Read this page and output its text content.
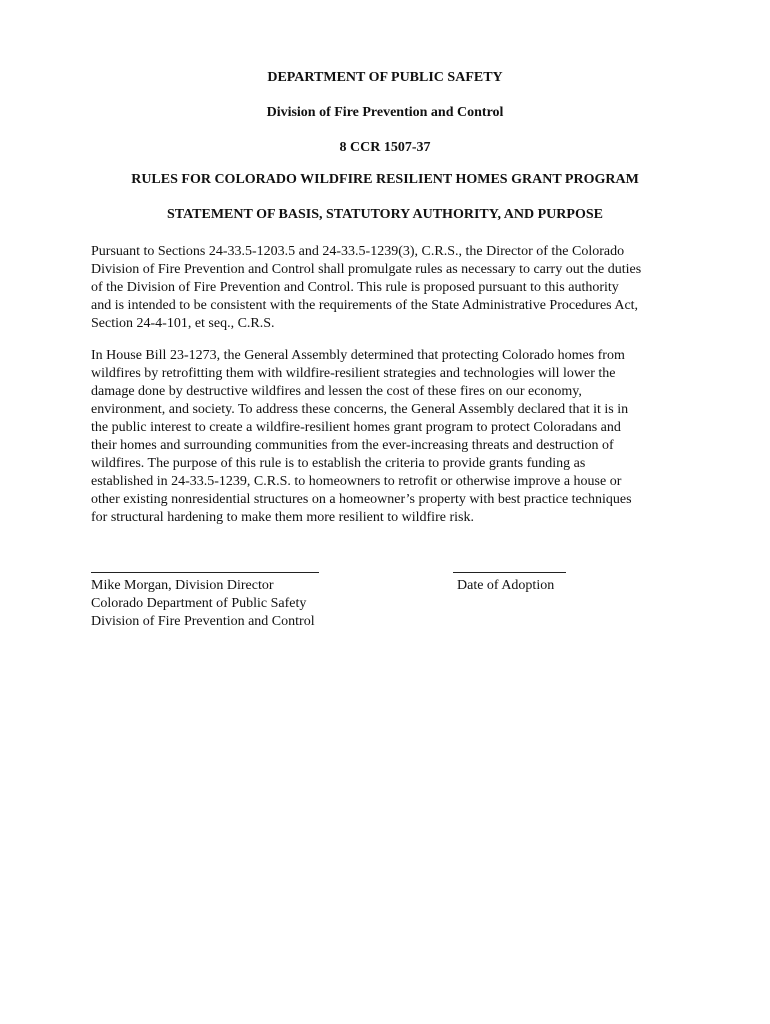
DEPARTMENT OF PUBLIC SAFETY
Division of Fire Prevention and Control
8 CCR 1507-37
RULES FOR COLORADO WILDFIRE RESILIENT HOMES GRANT PROGRAM
STATEMENT OF BASIS, STATUTORY AUTHORITY, AND PURPOSE
Pursuant to Sections 24-33.5-1203.5 and 24-33.5-1239(3), C.R.S., the Director of the Colorado
Division of Fire Prevention and Control shall promulgate rules as necessary to carry out the duties
of the Division of Fire Prevention and Control. This rule is proposed pursuant to this authority
and is intended to be consistent with the requirements of the State Administrative Procedures Act,
Section 24-4-101, et seq., C.R.S.
In House Bill 23-1273, the General Assembly determined that protecting Colorado homes from
wildfires by retrofitting them with wildfire-resilient strategies and technologies will lower the
damage done by destructive wildfires and lessen the cost of these fires on our economy,
environment, and society. To address these concerns, the General Assembly declared that it is in
the public interest to create a wildfire-resilient homes grant program to protect Coloradans and
their homes and surrounding communities from the ever-increasing threats and destruction of
wildfires. The purpose of this rule is to establish the criteria to provide grants funding as
established in 24-33.5-1239, C.R.S. to homeowners to retrofit or otherwise improve a house or
other existing nonresidential structures on a homeowner’s property with best practice techniques
for structural hardening to make them more resilient to wildfire risk.
Mike Morgan, Division Director
Colorado Department of Public Safety
Division of Fire Prevention and Control
Date of Adoption
